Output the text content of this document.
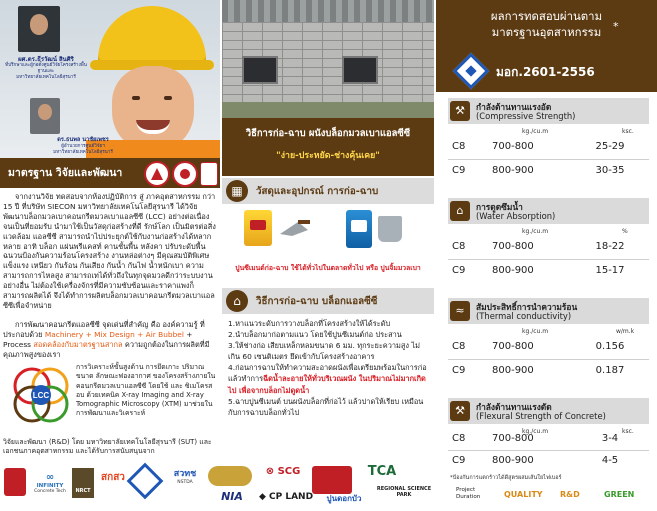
ผศ.ดร.ธีรวัฒน์ สินศิริ
ที่ปรึกษาและผู้ก่อตั้งศูนย์วิจัยโครงสร้างพื้นฐานและ
มหาวิทยาลัยเทคโนโลยีสุรนารี
ดร.ธนพล นาชัยเพชร
ผู้อำนวยการศูนย์วิจัยฯ
มหาวิทยาลัยเทคโนโลยีสุรนารี
มาตรฐาน วิจัยและพัฒนา

จากงานวิจัย ทดสอบจากห้องปฏิบัติการ สู่ ภาคอุตสาหกรรม กว่า 15 ปี ที่บริษัท SIECON มหาวิทยาลัยเทคโนโลยีสุรนารี ได้วิจัยพัฒนาบล็อกมวลเบาคอนกรีตมวลเบาแอลซีซี (LCC) อย่างต่อเนื่องจนเป็นที่ยอมรับ นำมาใช้เป็นวัสดุก่อสร้างที่ดี รักษ์โลก เป็นมิตรต่อสิ่งแวดล้อม แอลซีซี สามารถนำไปประยุกต์ใช้กับงานก่อสร้างได้หลากหลาย อาทิ บล็อก แผ่นพรีแคสท์ คานชั้นพื้น หลังคา ปรับระดับพื้น ฉนวนป้องกันความร้อนโครงสร้าง งานหล่อต่างๆ มีคุณสมบัติพิเศษ แข็งแรง เหนียว กันร้อน กันเสียง กันน้ำ กันไฟ น้ำหนักเบา ความสามารถการไหลสูง สามารถเทได้ทั่วถึงในทุกจุดมวลดีกว่าระบบงานอย่างอื่น ไม่ต้องใช้เครื่องจักรที่มีความซับซ้อนและราคาแพงก็สามารถผลิตได้ จึงได้ทำการผลิตบล็อกมวลเบาคอนกรีตมวลเบาแอลซีซีเพื่อจำหน่าย

การพัฒนาคอนกรีตแอลซีซี จุดเด่นที่สำคัญ คือ องค์ความรู้ ที่ประกอบด้วย Machinery + Mix Design + Air Bubbel + Process สอดคล้องกับมาตรฐานสากล ความถูกต้องในการผลิตที่มีคุณภาพสูงของเรา

LCC

การวิเคราะห์ขั้นสูงด้าน การยึดเกาะ ปริมาณ ขนาด ลักษณะฟองอากาศ ของโครงสร้างภายใน คอนกรีตมวลเบาแอลซีซี โดยใช้ และ ซิเมโครสอบ ด้วยเทคนิค X-ray Imaging and X-ray Tomographic Microscopy (XTM) มาช่วยในการพัฒนาและวิเคราะห์

วิจัยและพัฒนา (R&D) โดย มหาวิทยาลัยเทคโนโลยีสุรนารี (SUT) และเอกชนภาคอุตสาหกรรม และได้รับการสนับสนุนจาก

วิธีการก่อ-ฉาบ ผนังบล็อกมวลเบาแอลซีซี
"ง่าย-ประหยัด-ช่างคุ้นเคย"
▦	วัสดุและอุปกรณ์ การก่อ-ฉาบ
ปูนซีเมนต์ก่อ-ฉาบ ใช้ได้ทั่วไปในตลาดทั่วไป หรือ ปูนจิ้มมวลเบา
⌂	วิธีการก่อ-ฉาบ บล็อกแอลซีซี

1.หาแนวระดับการวางบล็อกที่โครงสร้างให้ได้ระดับ

2.นำบล็อกมาก่อตามแนว โดยใช้ปูนซีเมนต์ก่อ ประสาน

3.ให้ช่างก่อ เสียบเหล็กหลมขนาด 6 มม. ทุกระยะความสูง ไม่เกิน 60 เซนติเมตร ยึดเข้ากับโครงสร้างอาคาร

4.ก่อนการฉาบให้ทำความสะอาดผนังเพื่อเตรียมพร้อมในการก่อแล้วทำการฉีดน้ำละอายให้ทั่วบริเวณผนัง ในปริมาณไม่มากเกิดไป เพื่อจากบล็อกไม่ดูดน้ำ

5.ฉาบปูนซีเมนต์ บนผนังบล็อกที่ก่อไว้ แล้วปาดให้เรียบ เหมือนกับการฉาบบล็อกทั่วไป

ผลการทดสอบผ่านตาม
มาตรฐานอุตสาหกรรม	*
มอก.2601-2556
⚒	กำลังต้านทานแรงอัด
(Compressive Strength)
kg./cu.m	ksc.
C8	700-800	25-29
C9	800-900	30-35
⌂	การดูดซึมน้ำ
(Water Absorption)
kg./cu.m	%
C8	700-800	18-22
C9	800-900	15-17
≈	สัมประสิทธิ์การนำความร้อน
(Thermal conductivity)
kg./cu.m	w/m.k
C8	700-800	0.156
C9	800-900	0.187
⚒	กำลังต้านทานแรงดัด
(Flexural Strength of Concrete)
kg./cu.m	ksc.
C8	700-800	3-4
C9	800-900	4-5
*ป้องกันการแตกร้าวได้ดีสูตรผสมเส้นใยไฟเบอร์
Project Duration	QUALITY R&D	GREEN
∞
INFINITY
Concrete Tech	NRCT
สกสว	สวทช
NSTDA
⊗ SCG	TCA
NIA	◆ CP LAND	ปูนดอกบัว
REGIONAL SCIENCE PARK
